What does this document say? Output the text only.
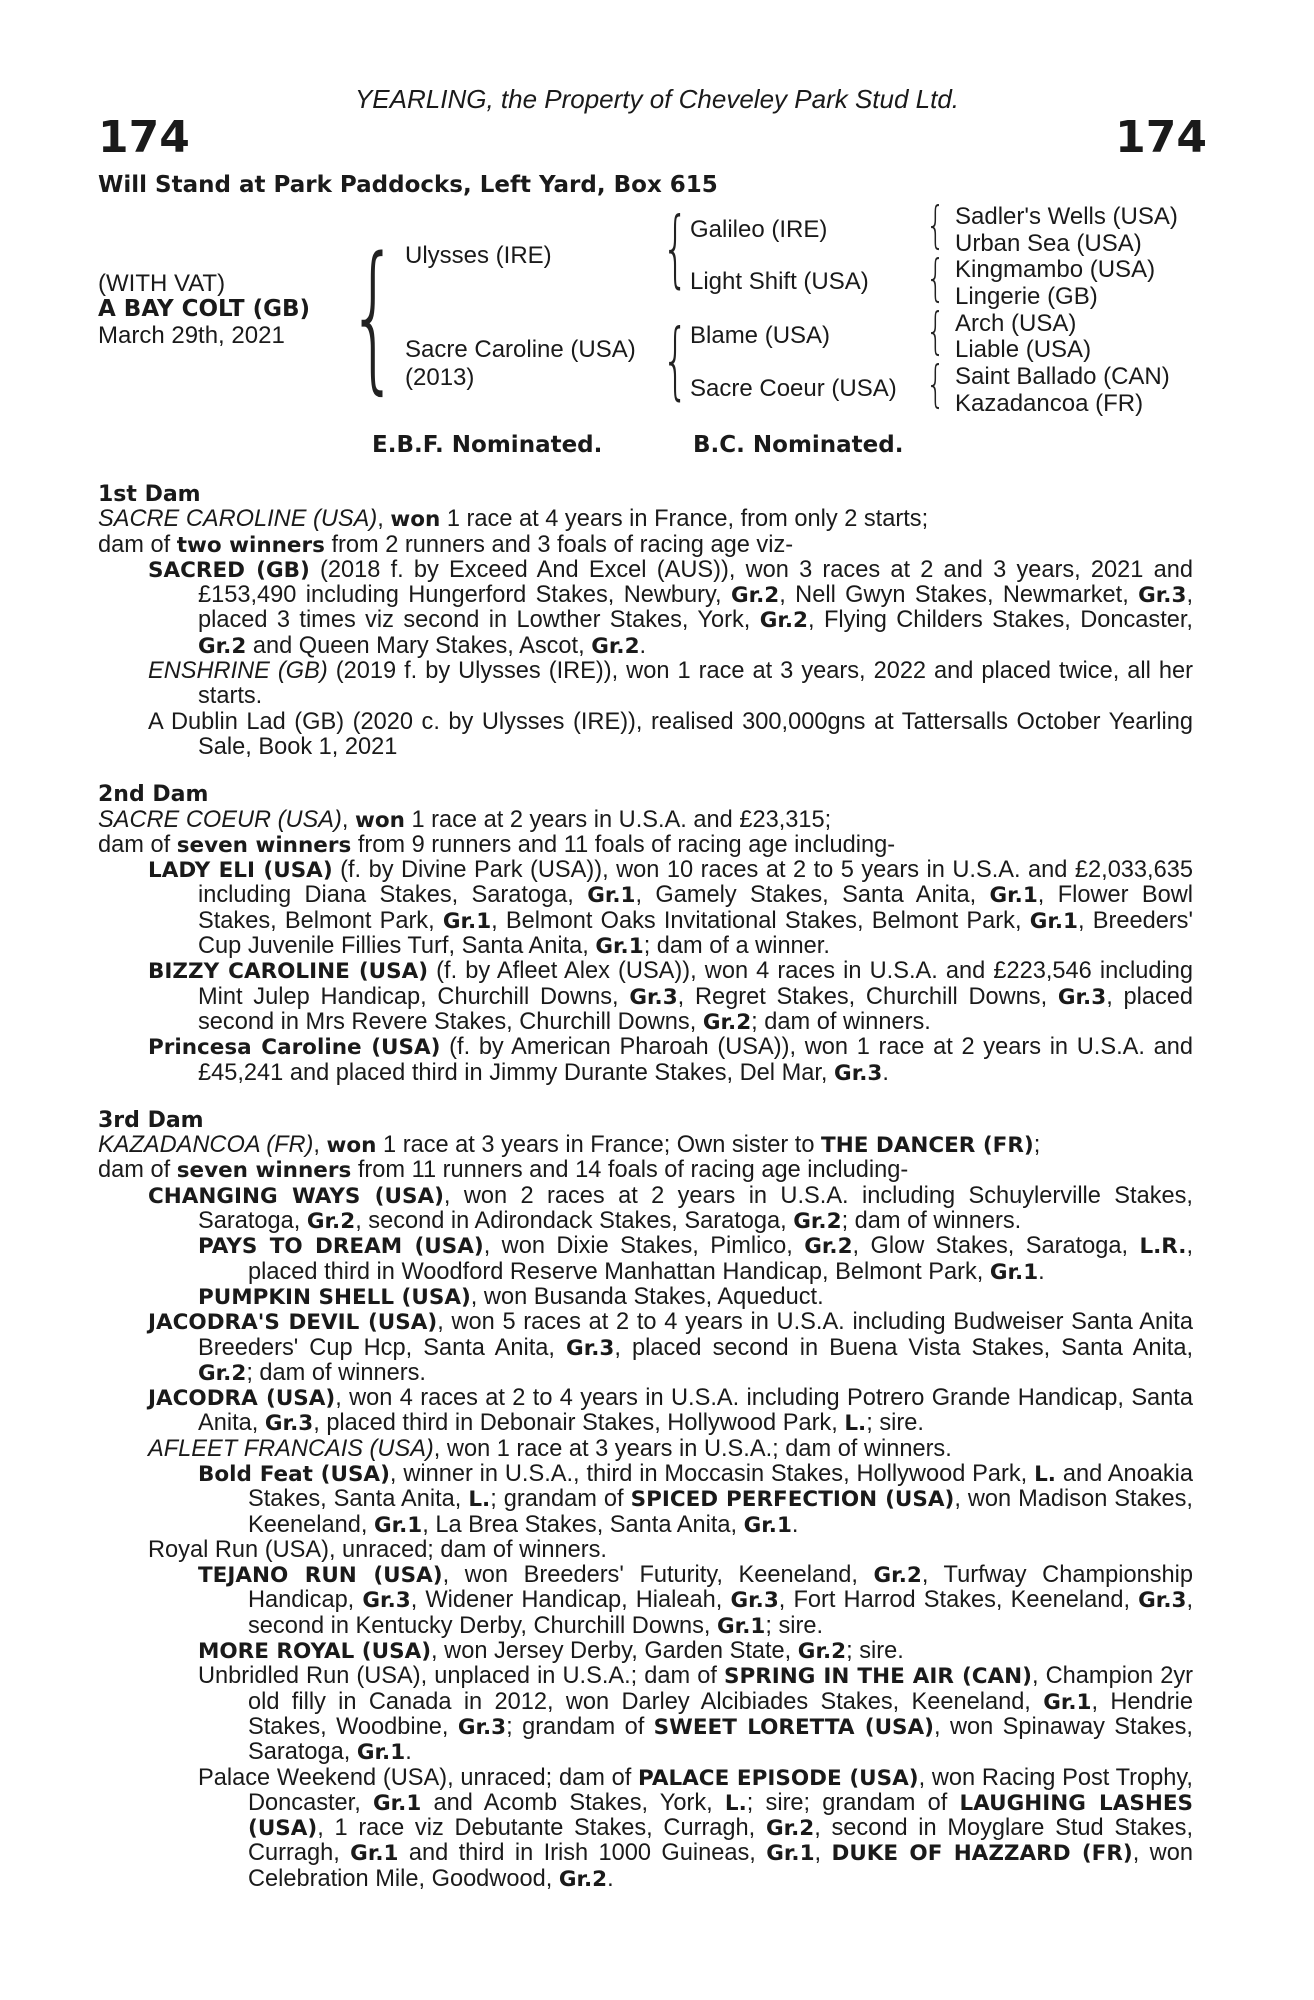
YEARLING, the Property of Cheveley Park Stud Ltd.
174	174
Will Stand at Park Paddocks, Left Yard, Box 615
(WITH VAT)
A BAY COLT (GB)
March 29th, 2021 { Ulysses (IRE)
Sacre Caroline (USA)
(2013)
{
{
Galileo (IRE)
Light Shift (USA)
Blame (USA)
Sacre Coeur (USA)
{
{
{
{
Sadler's Wells (USA)
Urban Sea (USA)
Kingmambo (USA)
Lingerie (GB)
Arch (USA)
Liable (USA)
Saint Ballado (CAN)
Kazadancoa (FR)
E.B.F. Nominated.	B.C. Nominated.
1st Dam
SACRE CAROLINE (USA), won 1 race at 4 years in France, from only 2 starts;
dam of two winners from 2 runners and 3 foals of racing age viz-
SACRED (GB) (2018 f. by Exceed And Excel (AUS)), won 3 races at 2 and 3 years, 2021 and £153,490 including Hungerford Stakes, Newbury, Gr.2, Nell Gwyn Stakes, Newmarket, Gr.3, placed 3 times viz second in Lowther Stakes, York, Gr.2, Flying Childers Stakes, Doncaster, Gr.2 and Queen Mary Stakes, Ascot, Gr.2.
ENSHRINE (GB) (2019 f. by Ulysses (IRE)), won 1 race at 3 years, 2022 and placed twice, all her starts.
A Dublin Lad (GB) (2020 c. by Ulysses (IRE)), realised 300,000gns at Tattersalls October Yearling Sale, Book 1, 2021
2nd Dam
SACRE COEUR (USA), won 1 race at 2 years in U.S.A. and £23,315;
dam of seven winners from 9 runners and 11 foals of racing age including-
LADY ELI (USA) (f. by Divine Park (USA)), won 10 races at 2 to 5 years in U.S.A. and £2,033,635 including Diana Stakes, Saratoga, Gr.1, Gamely Stakes, Santa Anita, Gr.1, Flower Bowl Stakes, Belmont Park, Gr.1, Belmont Oaks Invitational Stakes, Belmont Park, Gr.1, Breeders' Cup Juvenile Fillies Turf, Santa Anita, Gr.1; dam of a winner.
BIZZY CAROLINE (USA) (f. by Afleet Alex (USA)), won 4 races in U.S.A. and £223,546 including Mint Julep Handicap, Churchill Downs, Gr.3, Regret Stakes, Churchill Downs, Gr.3, placed second in Mrs Revere Stakes, Churchill Downs, Gr.2; dam of winners.
Princesa Caroline (USA) (f. by American Pharoah (USA)), won 1 race at 2 years in U.S.A. and £45,241 and placed third in Jimmy Durante Stakes, Del Mar, Gr.3.
3rd Dam
KAZADANCOA (FR), won 1 race at 3 years in France; Own sister to THE DANCER (FR);
dam of seven winners from 11 runners and 14 foals of racing age including-
CHANGING WAYS (USA), won 2 races at 2 years in U.S.A. including Schuylerville Stakes, Saratoga, Gr.2, second in Adirondack Stakes, Saratoga, Gr.2; dam of winners.
PAYS TO DREAM (USA), won Dixie Stakes, Pimlico, Gr.2, Glow Stakes, Saratoga, L.R., placed third in Woodford Reserve Manhattan Handicap, Belmont Park, Gr.1.
PUMPKIN SHELL (USA), won Busanda Stakes, Aqueduct.
JACODRA'S DEVIL (USA), won 5 races at 2 to 4 years in U.S.A. including Budweiser Santa Anita Breeders' Cup Hcp, Santa Anita, Gr.3, placed second in Buena Vista Stakes, Santa Anita, Gr.2; dam of winners.
JACODRA (USA), won 4 races at 2 to 4 years in U.S.A. including Potrero Grande Handicap, Santa Anita, Gr.3, placed third in Debonair Stakes, Hollywood Park, L.; sire.
AFLEET FRANCAIS (USA), won 1 race at 3 years in U.S.A.; dam of winners.
Bold Feat (USA), winner in U.S.A., third in Moccasin Stakes, Hollywood Park, L. and Anoakia Stakes, Santa Anita, L.; grandam of SPICED PERFECTION (USA), won Madison Stakes, Keeneland, Gr.1, La Brea Stakes, Santa Anita, Gr.1.
Royal Run (USA), unraced; dam of winners.
TEJANO RUN (USA), won Breeders' Futurity, Keeneland, Gr.2, Turfway Championship Handicap, Gr.3, Widener Handicap, Hialeah, Gr.3, Fort Harrod Stakes, Keeneland, Gr.3, second in Kentucky Derby, Churchill Downs, Gr.1; sire.
MORE ROYAL (USA), won Jersey Derby, Garden State, Gr.2; sire.
Unbridled Run (USA), unplaced in U.S.A.; dam of SPRING IN THE AIR (CAN), Champion 2yr old filly in Canada in 2012, won Darley Alcibiades Stakes, Keeneland, Gr.1, Hendrie Stakes, Woodbine, Gr.3; grandam of SWEET LORETTA (USA), won Spinaway Stakes, Saratoga, Gr.1.
Palace Weekend (USA), unraced; dam of PALACE EPISODE (USA), won Racing Post Trophy, Doncaster, Gr.1 and Acomb Stakes, York, L.; sire; grandam of LAUGHING LASHES (USA), 1 race viz Debutante Stakes, Curragh, Gr.2, second in Moyglare Stud Stakes, Curragh, Gr.1 and third in Irish 1000 Guineas, Gr.1, DUKE OF HAZZARD (FR), won Celebration Mile, Goodwood, Gr.2.
